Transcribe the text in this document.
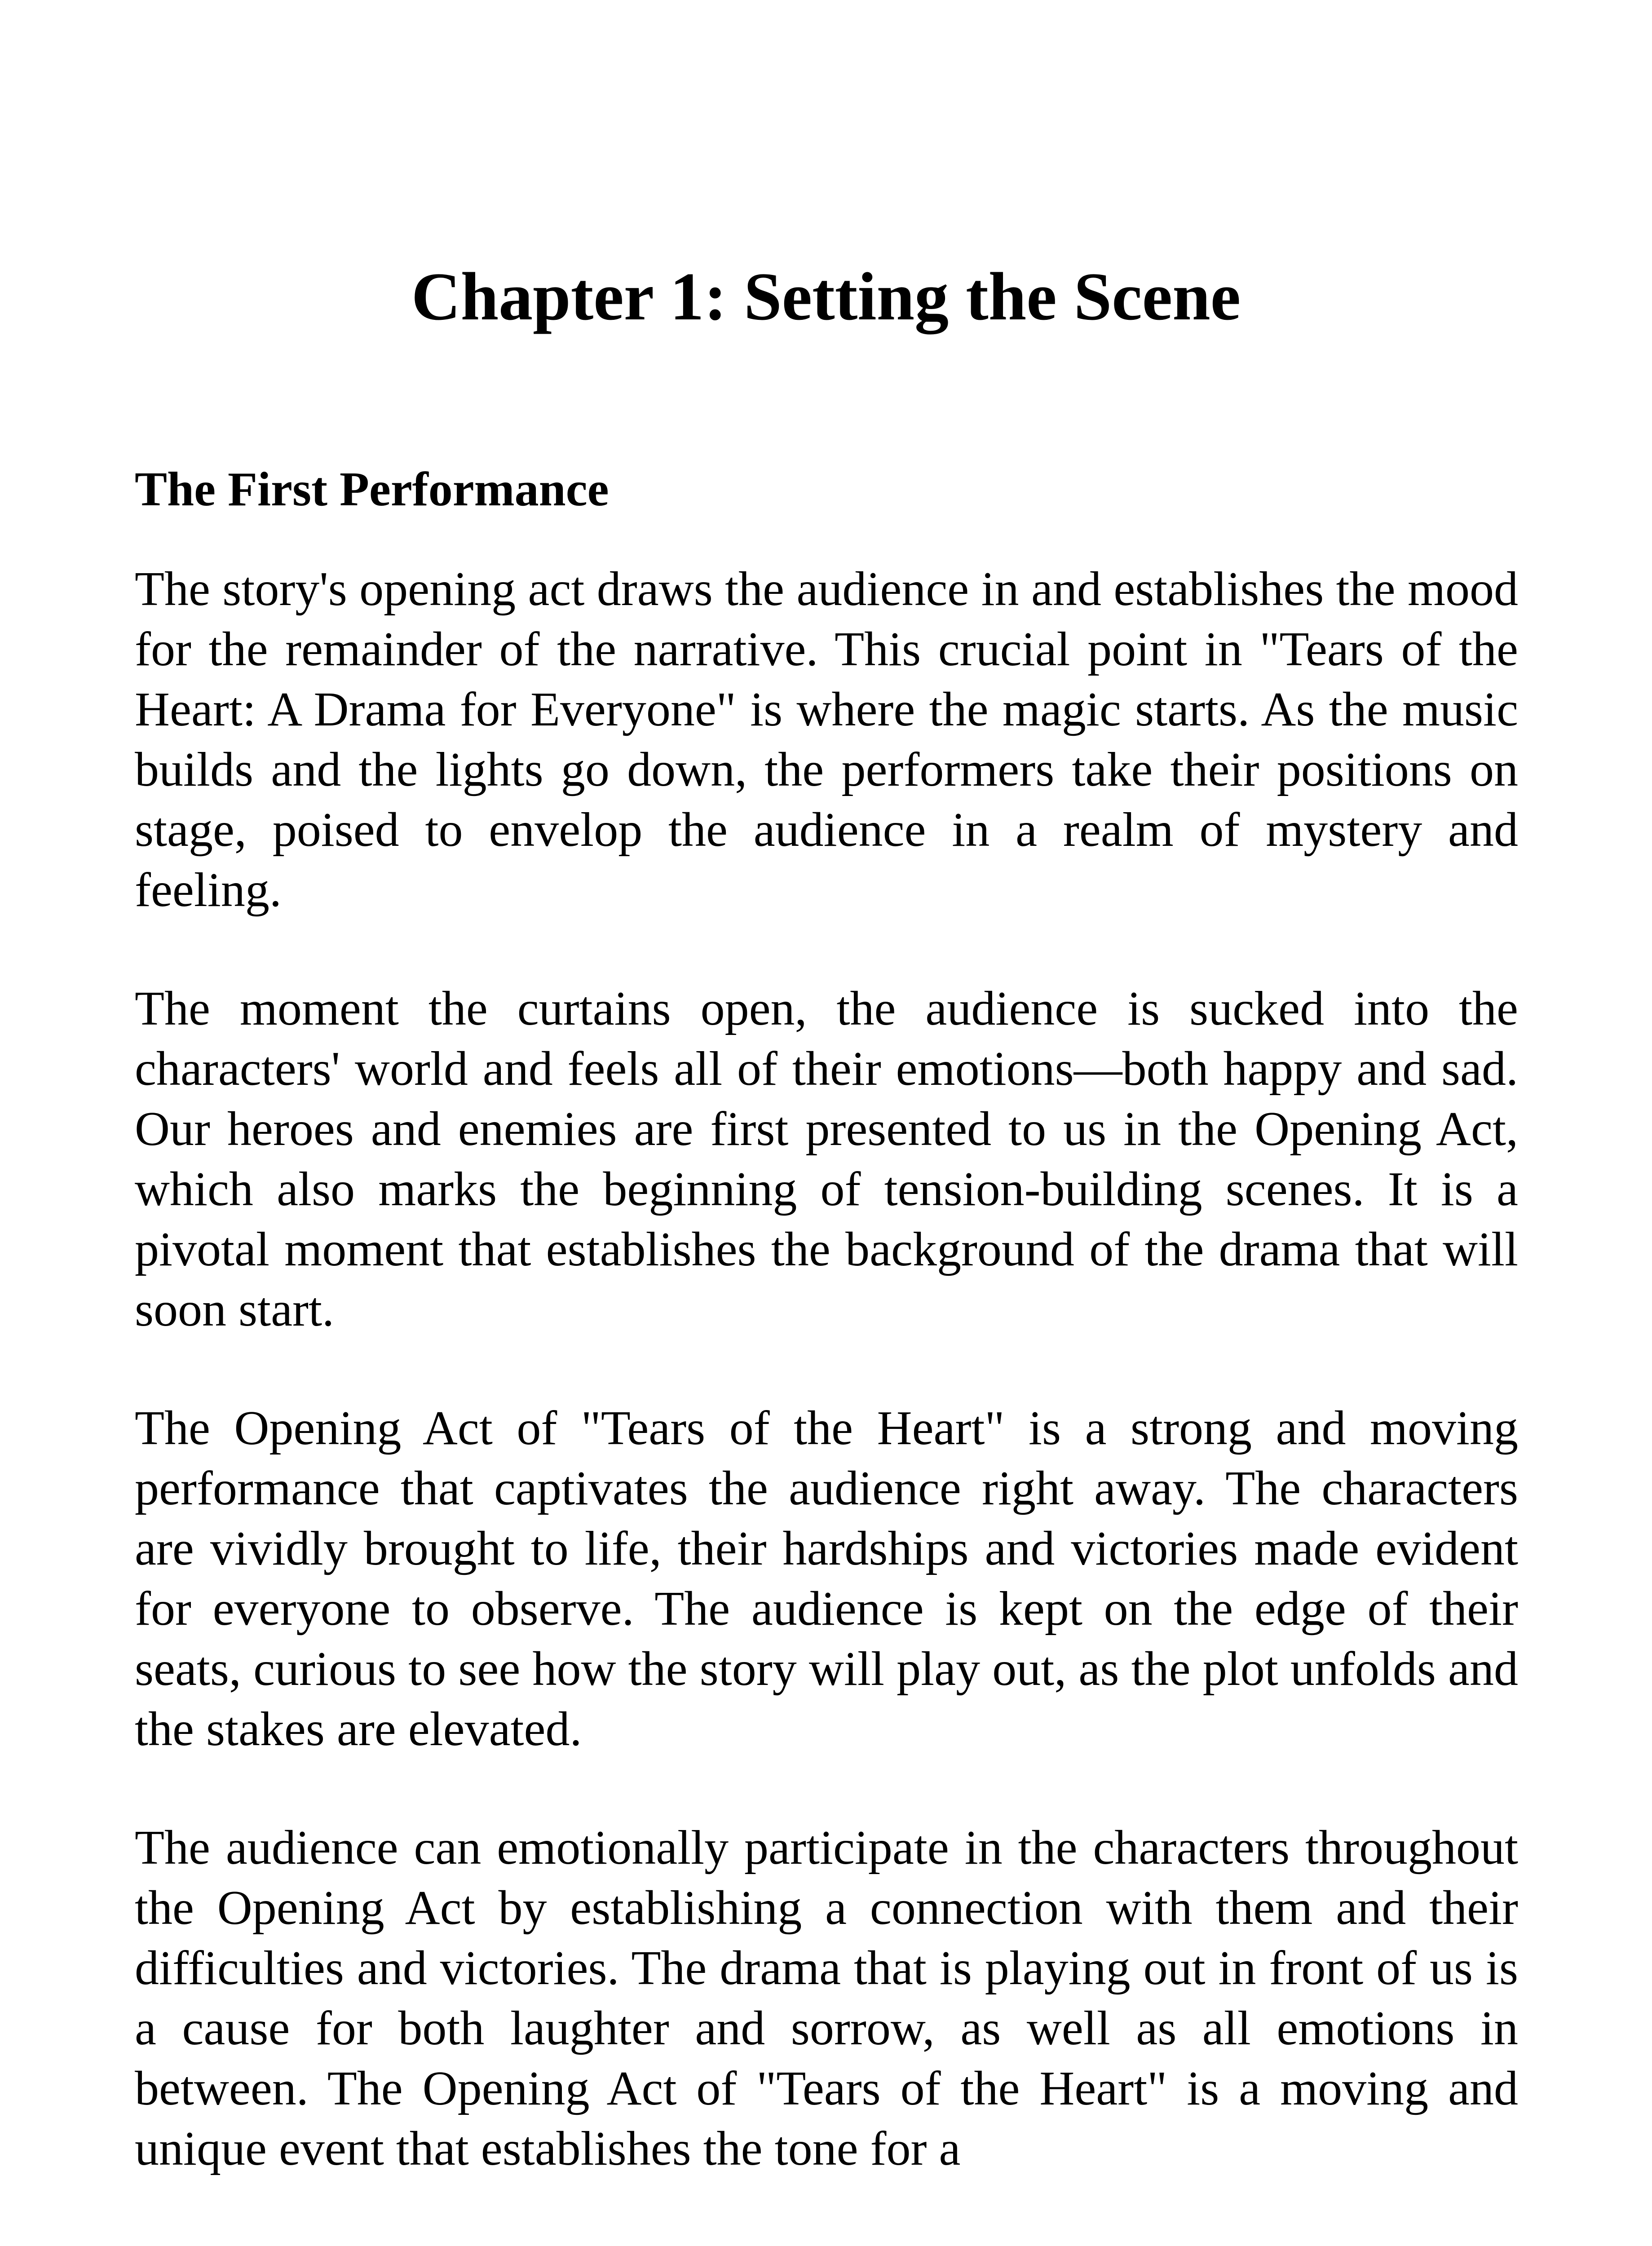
Chapter 1: Setting the Scene
The First Performance

The story's opening act draws the audience in and establishes the mood for the remainder of the narrative. This crucial point in "Tears of the Heart: A Drama for Everyone" is where the magic starts. As the music builds and the lights go down, the performers take their positions on stage, poised to envelop the audience in a realm of mystery and feeling.

The moment the curtains open, the audience is sucked into the characters' world and feels all of their emotions—both happy and sad. Our heroes and enemies are first presented to us in the Opening Act, which also marks the beginning of tension-building scenes. It is a pivotal moment that establishes the background of the drama that will soon start.

The Opening Act of "Tears of the Heart" is a strong and moving performance that captivates the audience right away. The characters are vividly brought to life, their hardships and victories made evident for everyone to observe. The audience is kept on the edge of their seats, curious to see how the story will play out, as the plot unfolds and the stakes are elevated.

The audience can emotionally participate in the characters throughout the Opening Act by establishing a connection with them and their difficulties and victories. The drama that is playing out in front of us is a cause for both laughter and sorrow, as well as all emotions in between. The Opening Act of "Tears of the Heart" is a moving and unique event that establishes the tone for a
